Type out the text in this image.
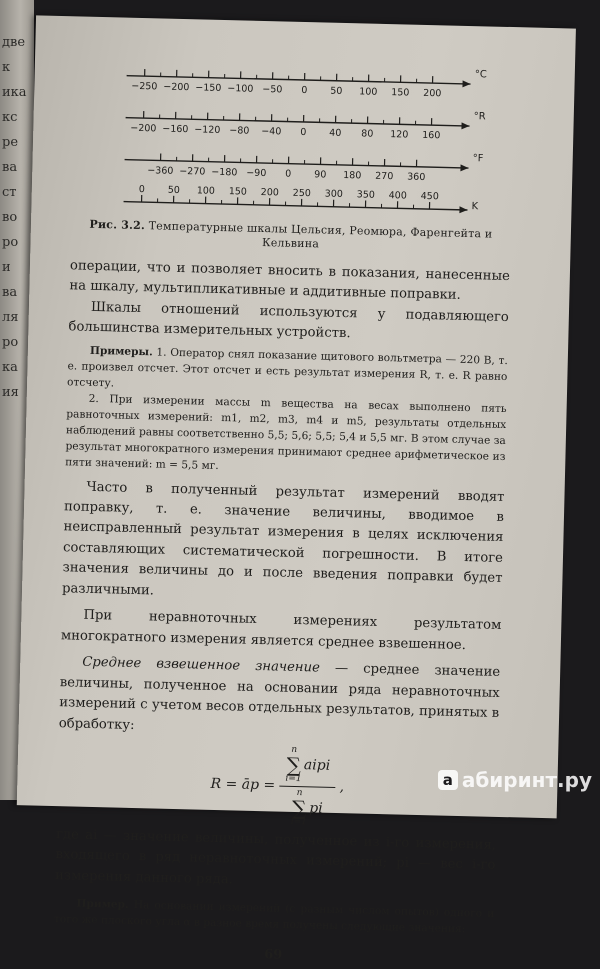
две
к
ика
кс
ре
ва
ст
во
ро
и
ва
ля
ро
ка
ия
°C
−250 −200 −150 −100 −50 0 50 100 150 200
°R
−200 −160 −120 −80 −40 0 40 80 120 160
°F
−360 −270 −180 −90 0 90 180 270 360
K
0 50 100 150 200 250 300 350 400 450
Рис. 3.2. Температурные шкалы Цельсия, Реомюра, Фаренгейта и Кельвина

операции, что и позволяет вносить в показания, нанесенные на шкалу, мультипликативные и аддитивные поправки.

Шкалы отношений используются у подавляющего большинства измерительных устройств.

Примеры. 1. Оператор снял показание щитового вольтметра — 220 В, т. е. произвел отсчет. Этот отсчет и есть результат измерения R, т. е. R равно отсчету.

2. При измерении массы m вещества на весах выполнено пять равноточных измерений: m1, m2, m3, m4 и m5, результаты отдельных наблюдений равны соответственно 5,5; 5,6; 5,5; 5,4 и 5,5 мг. В этом случае за результат многократного измерения принимают среднее арифметическое из пяти значений: m = 5,5 мг.

Часто в полученный результат измерений вводят поправку, т. е. значение величины, вводимое в неисправленный результат измерения в целях исключения составляющих систематической погрешности. В итоге значения величины до и после введения поправки будет различными.

При неравноточных измерениях результатом многократного измерения является среднее взвешенное.

Среднее взвешенное значение — среднее значение величины, полученное на основании ряда неравноточных измерений с учетом весов отдельных результатов, принятых в обработку:

R = āp = n
∑
i=1
aipi
n
∑
i=1
pi ,

где ai — значение величины, полученное из i-го измерения, входящего в ряд неравноточных измерений; pi — вес i-го измерения данного ряда.

Пример. На основании измерений (с разным числом опытов) одного и того же плоского угла α в разное время получены следующие значения:

69
a абиринт.ру
